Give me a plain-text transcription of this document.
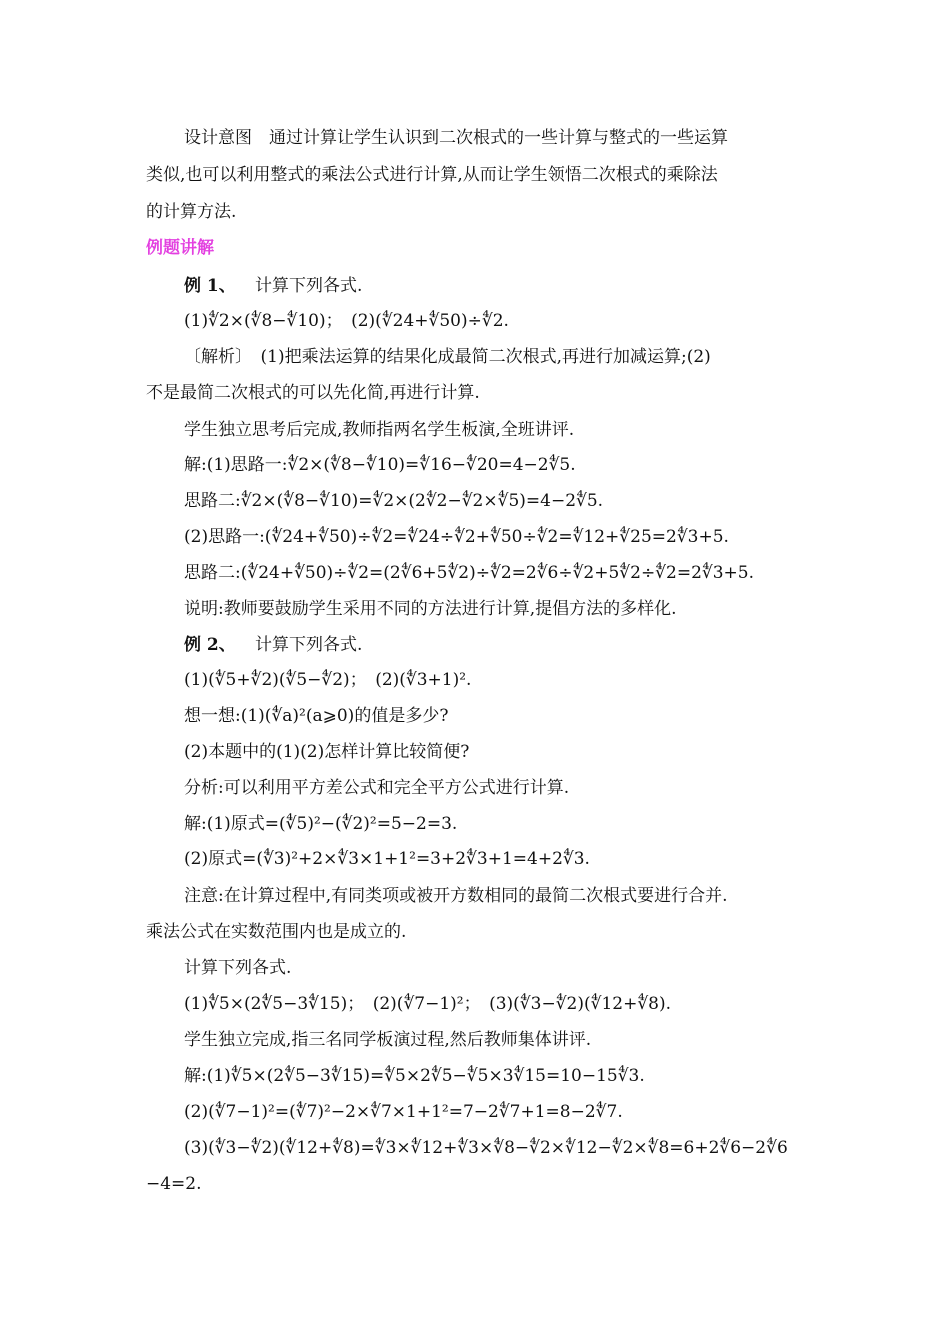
设计意图　通过计算让学生认识到二次根式的一些计算与整式的一些运算
类似,也可以利用整式的乘法公式进行计算,从而让学生领悟二次根式的乘除法
的计算方法.
例题讲解
例 1、	计算下列各式.
(1)∜2×(∜8−∜10)；　(2)(∜24+∜50)÷∜2.
〔解析〕　(1)把乘法运算的结果化成最简二次根式,再进行加减运算;(2)
不是最简二次根式的可以先化简,再进行计算.
学生独立思考后完成,教师指两名学生板演,全班讲评.
解:(1)思路一:∜2×(∜8−∜10)=∜16−∜20=4−2∜5.
思路二:∜2×(∜8−∜10)=∜2×(2∜2−∜2×∜5)=4−2∜5.
(2)思路一:(∜24+∜50)÷∜2=∜24÷∜2+∜50÷∜2=∜12+∜25=2∜3+5.
思路二:(∜24+∜50)÷∜2=(2∜6+5∜2)÷∜2=2∜6÷∜2+5∜2÷∜2=2∜3+5.
说明:教师要鼓励学生采用不同的方法进行计算,提倡方法的多样化.
例 2、	计算下列各式.
(1)(∜5+∜2)(∜5−∜2)；　(2)(∜3+1)².
想一想:(1)(∜a)²(a⩾0)的值是多少?
(2)本题中的(1)(2)怎样计算比较简便?
分析:可以利用平方差公式和完全平方公式进行计算.
解:(1)原式=(∜5)²−(∜2)²=5−2=3.
(2)原式=(∜3)²+2×∜3×1+1²=3+2∜3+1=4+2∜3.
注意:在计算过程中,有同类项或被开方数相同的最简二次根式要进行合并.
乘法公式在实数范围内也是成立的.
计算下列各式.
(1)∜5×(2∜5−3∜15)；　(2)(∜7−1)²；　(3)(∜3−∜2)(∜12+∜8).
学生独立完成,指三名同学板演过程,然后教师集体讲评.
解:(1)∜5×(2∜5−3∜15)=∜5×2∜5−∜5×3∜15=10−15∜3.
(2)(∜7−1)²=(∜7)²−2×∜7×1+1²=7−2∜7+1=8−2∜7.
(3)(∜3−∜2)(∜12+∜8)=∜3×∜12+∜3×∜8−∜2×∜12−∜2×∜8=6+2∜6−2∜6
−4=2.
